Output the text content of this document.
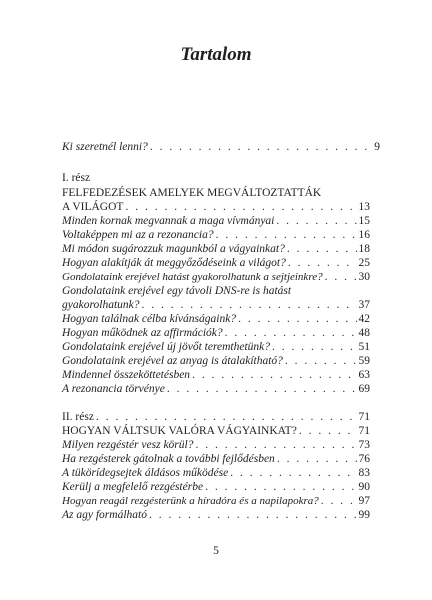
Tartalom
Ki szeretnél lenni? . . .	9
I. rész
FELFEDEZÉSEK AMELYEK MEGVÁLTOZTATTÁK
A VILÁGOT . . .	13
Minden kornak megvannak a maga vívmányai . . .	15
Voltaképpen mi az a rezonancia? . . .	16
Mi módon sugározzuk magunkból a vágyainkat? . . .	18
Hogyan alakítják át meggyőződéseink a világot? . . .	25
Gondolataink erejével hatást gyakorolhatunk a sejtjeinkre? . . .	30
Gondolataink erejével egy távoli DNS-re is hatást
gyakorolhatunk? . . .	37
Hogyan találnak célba kívánságaink? . . .	42
Hogyan működnek az affirmációk? . . .	48
Gondolataink erejével új jövőt teremthetünk? . . .	51
Gondolataink erejével az anyag is átalakítható? . . .	59
Mindennel összeköttetésben . . .	63
A rezonancia törvénye . . .	69
II. rész . . .	71
HOGYAN VÁLTSUK VALÓRA VÁGYAINKAT? . . .	71
Milyen rezgéstér vesz körül? . . .	73
Ha rezgésterek gátolnak a további fejlődésben . . .	76
A tükörídegsejtek áldásos működése . . .	83
Kerülj a megfelelő rezgéstérbe . . .	90
Hogyan reagál rezgésterünk a híradóra és a napilapokra? . . .	97
Az agy formálható . . .	99
5
